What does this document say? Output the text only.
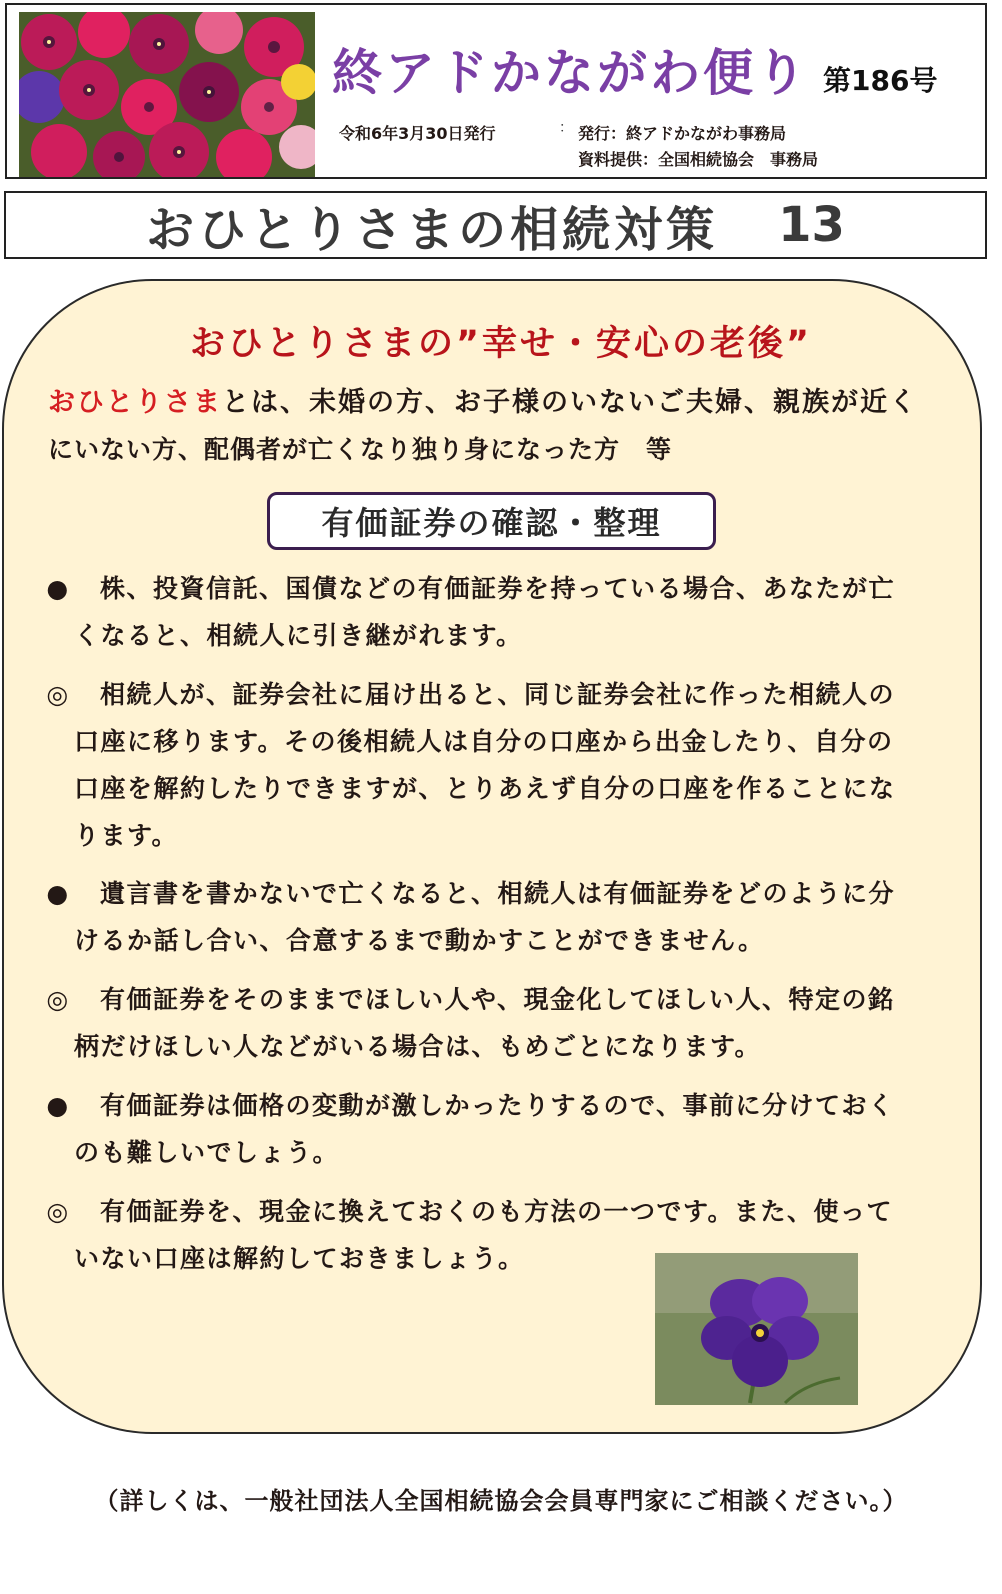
終アドかながわ便り 第186号
令和6年3月30日発行	： 発行：終アドかながわ事務局
資料提供：全国相続協会　事務局
おひとりさまの相続対策 13
おひとりさまの”幸せ・安心の老後”
おひとりさまとは、未婚の方、お子様のいないご夫婦、親族が近く
にいない方、配偶者が亡くなり独り身になった方　等
有価証券の確認・整理
●	株、投資信託、国債などの有価証券を持っている場合、あなたが亡
くなると、相続人に引き継がれます。
◎	相続人が、証券会社に届け出ると、同じ証券会社に作った相続人の
口座に移ります。その後相続人は自分の口座から出金したり、自分の
口座を解約したりできますが、とりあえず自分の口座を作ることにな
ります。
●	遺言書を書かないで亡くなると、相続人は有価証券をどのように分
けるか話し合い、合意するまで動かすことができません。
◎	有価証券をそのままでほしい人や、現金化してほしい人、特定の銘
柄だけほしい人などがいる場合は、もめごとになります。
●	有価証券は価格の変動が激しかったりするので、事前に分けておく
のも難しいでしょう。
◎	有価証券を、現金に換えておくのも方法の一つです。また、使って
いない口座は解約しておきましょう。
（詳しくは、一般社団法人全国相続協会会員専門家にご相談ください。）
